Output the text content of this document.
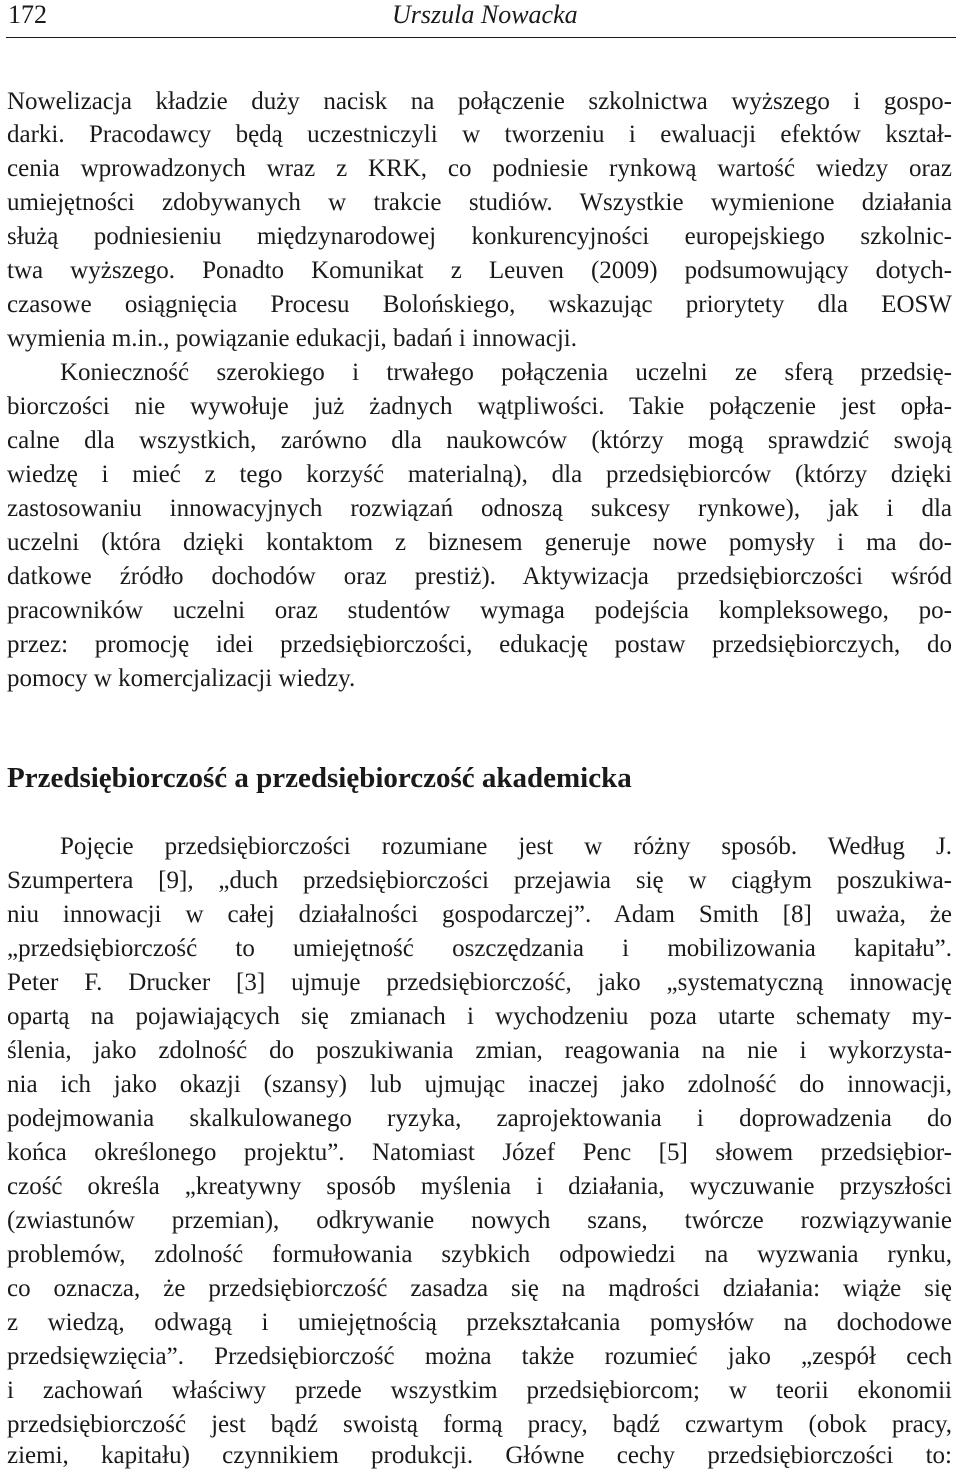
172	Urszula Nowacka
Nowelizacja kładzie duży nacisk na połączenie szkolnictwa wyższego i gospo-
darki. Pracodawcy będą uczestniczyli w tworzeniu i ewaluacji efektów kształ-
cenia wprowadzonych wraz z KRK, co podniesie rynkową wartość wiedzy oraz
umiejętności zdobywanych w trakcie studiów. Wszystkie wymienione działania
służą podniesieniu międzynarodowej konkurencyjności europejskiego szkolnic-
twa wyższego. Ponadto Komunikat z Leuven (2009) podsumowujący dotych-
czasowe osiągnięcia Procesu Bolońskiego, wskazując priorytety dla EOSW
wymienia m.in., powiązanie edukacji, badań i innowacji.
Konieczność szerokiego i trwałego połączenia uczelni ze sferą przedsię-
biorczości nie wywołuje już żadnych wątpliwości. Takie połączenie jest opła-
calne dla wszystkich, zarówno dla naukowców (którzy mogą sprawdzić swoją
wiedzę i mieć z tego korzyść materialną), dla przedsiębiorców (którzy dzięki
zastosowaniu innowacyjnych rozwiązań odnoszą sukcesy rynkowe), jak i dla
uczelni (która dzięki kontaktom z biznesem generuje nowe pomysły i ma do-
datkowe źródło dochodów oraz prestiż). Aktywizacja przedsiębiorczości wśród
pracowników uczelni oraz studentów wymaga podejścia kompleksowego, po-
przez: promocję idei przedsiębiorczości, edukację postaw przedsiębiorczych, do
pomocy w komercjalizacji wiedzy.
Przedsiębiorczość a przedsiębiorczość akademicka
Pojęcie przedsiębiorczości rozumiane jest w różny sposób. Według J.
Szumpertera [9], „duch przedsiębiorczości przejawia się w ciągłym poszukiwa-
niu innowacji w całej działalności gospodarczej”. Adam Smith [8] uważa, że
„przedsiębiorczość to umiejętność oszczędzania i mobilizowania kapitału”.
Peter F. Drucker [3] ujmuje przedsiębiorczość, jako „systematyczną innowację
opartą na pojawiających się zmianach i wychodzeniu poza utarte schematy my-
ślenia, jako zdolność do poszukiwania zmian, reagowania na nie i wykorzysta-
nia ich jako okazji (szansy) lub ujmując inaczej jako zdolność do innowacji,
podejmowania skalkulowanego ryzyka, zaprojektowania i doprowadzenia do
końca określonego projektu”. Natomiast Józef Penc [5] słowem przedsiębior-
czość określa „kreatywny sposób myślenia i działania, wyczuwanie przyszłości
(zwiastunów przemian), odkrywanie nowych szans, twórcze rozwiązywanie
problemów, zdolność formułowania szybkich odpowiedzi na wyzwania rynku,
co oznacza, że przedsiębiorczość zasadza się na mądrości działania: wiąże się
z wiedzą, odwagą i umiejętnością przekształcania pomysłów na dochodowe
przedsięwzięcia”. Przedsiębiorczość można także rozumieć jako „zespół cech
i zachowań właściwy przede wszystkim przedsiębiorcom; w teorii ekonomii
przedsiębiorczość jest bądź swoistą formą pracy, bądź czwartym (obok pracy,
ziemi, kapitału) czynnikiem produkcji. Główne cechy przedsiębiorczości to:
